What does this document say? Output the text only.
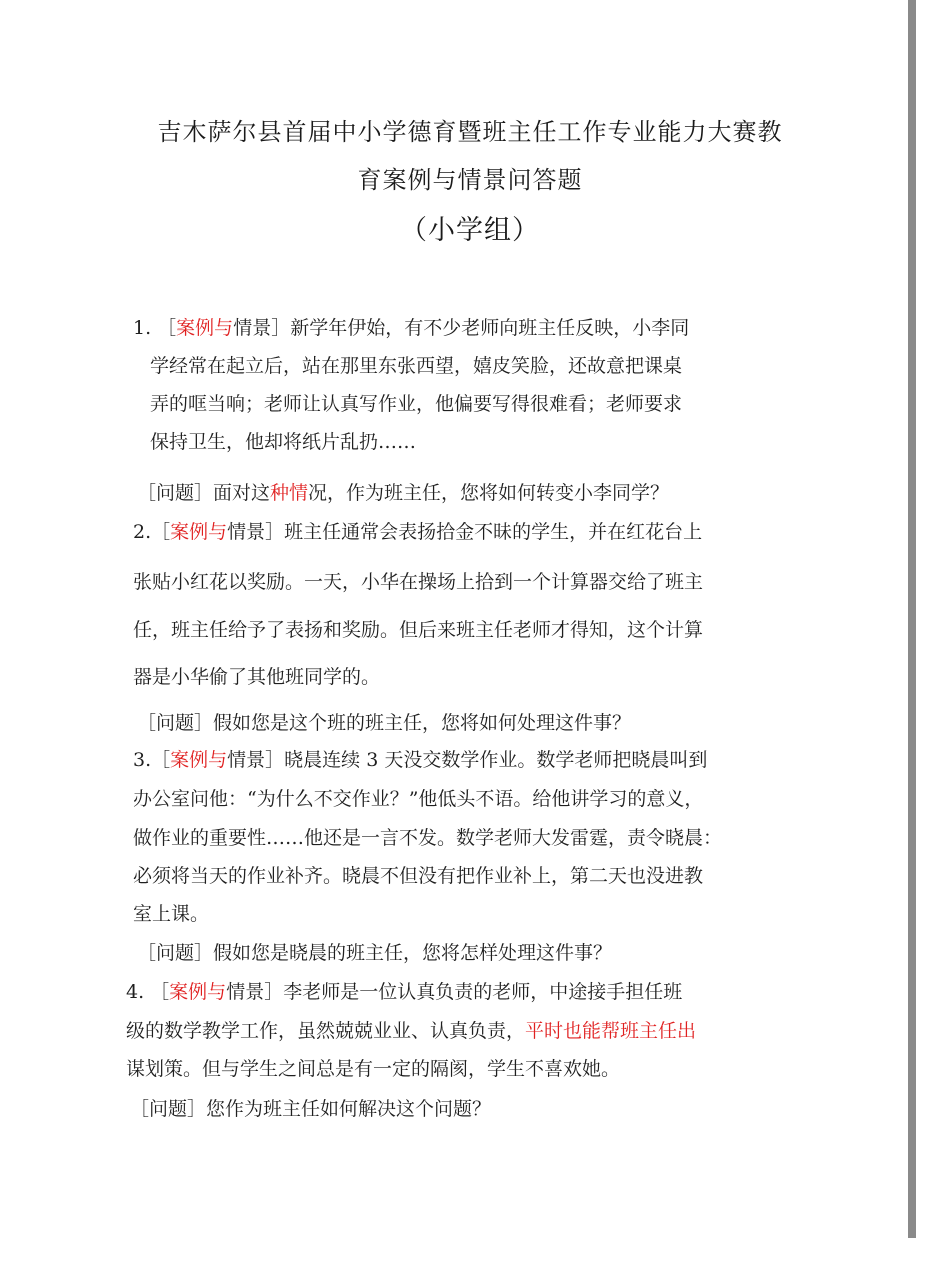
吉木萨尔县首届中小学德育暨班主任工作专业能力大赛教
育案例与情景问答题
（小学组）
1. ［案例与情景］新学年伊始，有不少老师向班主任反映，小李同
学经常在起立后，站在那里东张西望，嬉皮笑脸，还故意把课桌
弄的哐当响；老师让认真写作业，他偏要写得很难看；老师要求
保持卫生，他却将纸片乱扔……
［问题］面对这种情况，作为班主任，您将如何转变小李同学？
2.［案例与情景］班主任通常会表扬拾金不昧的学生，并在红花台上
张贴小红花以奖励。一天，小华在操场上拾到一个计算器交给了班主
任，班主任给予了表扬和奖励。但后来班主任老师才得知，这个计算
器是小华偷了其他班同学的。
［问题］假如您是这个班的班主任，您将如何处理这件事？
3.［案例与情景］晓晨连续 3 天没交数学作业。数学老师把晓晨叫到
办公室问他：“为什么不交作业？”他低头不语。给他讲学习的意义，
做作业的重要性……他还是一言不发。数学老师大发雷霆，责令晓晨：
必须将当天的作业补齐。晓晨不但没有把作业补上，第二天也没进教
室上课。
［问题］假如您是晓晨的班主任，您将怎样处理这件事？
4. ［案例与情景］李老师是一位认真负责的老师，中途接手担任班
级的数学教学工作，虽然兢兢业业、认真负责，平时也能帮班主任出
谋划策。但与学生之间总是有一定的隔阂，学生不喜欢她。
［问题］您作为班主任如何解决这个问题？
